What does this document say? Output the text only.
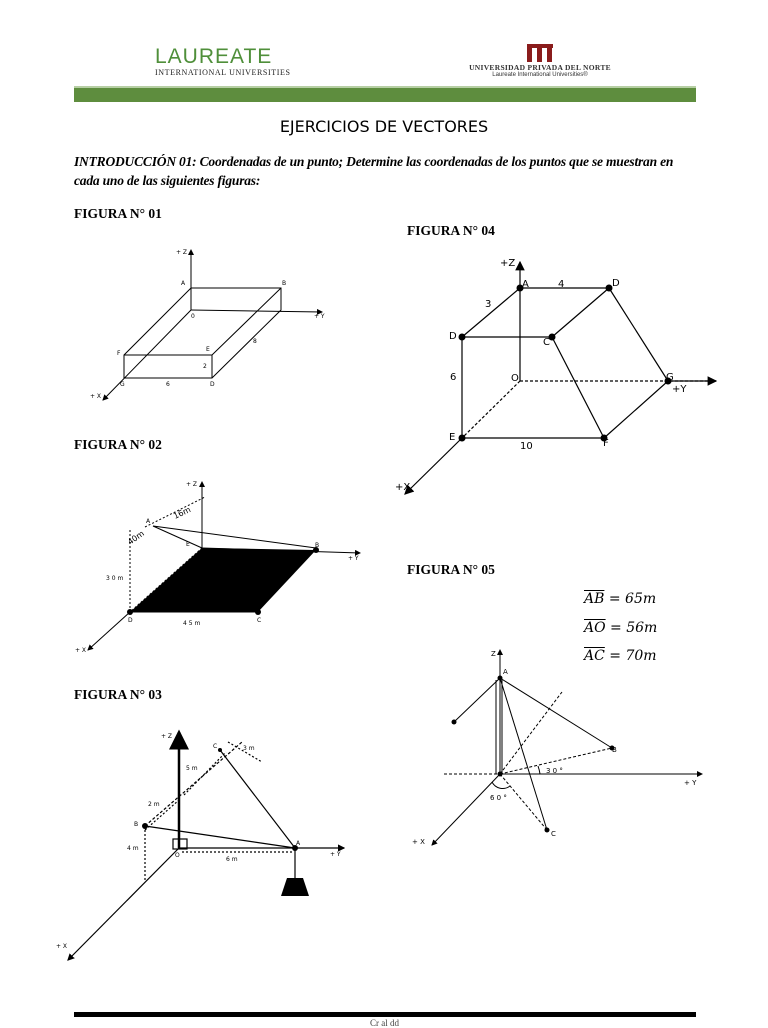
LAUREATE
INTERNATIONAL UNIVERSITIES
UNIVERSIDAD PRIVADA DEL NORTE
Laureate International Universities®
EJERCICIOS DE VECTORES
INTRODUCCIÓN 01: Coordenadas de un punto; Determine las coordenadas de los puntos que se muestran en cada uno de las siguientes figuras:
FIGURA N° 01
FIGURA N° 04
FIGURA N° 02
FIGURA N° 05
FIGURA N° 03
$\overline{AB} = 65m$
$\overline{AO} = 56m$
$\overline{AC} = 70m$
+ Z
+ Y
+ X
A	B
0
F
E
G	D
6
8
2
+Z
+Y
+X
A	D
D
C
O	G
E
F
4
3
6
10
+ Z
+ Y
+ X
A
B
C
D
E
16m
40m
3 0 m
4 5 m
Z
+ Y
+ X
A
B
C
3 0 °
6 0 °
+ Z
+ Y
+ X
C
B
O
A
3 m
5 m
2 m
4 m
6 m
Cr al dd
